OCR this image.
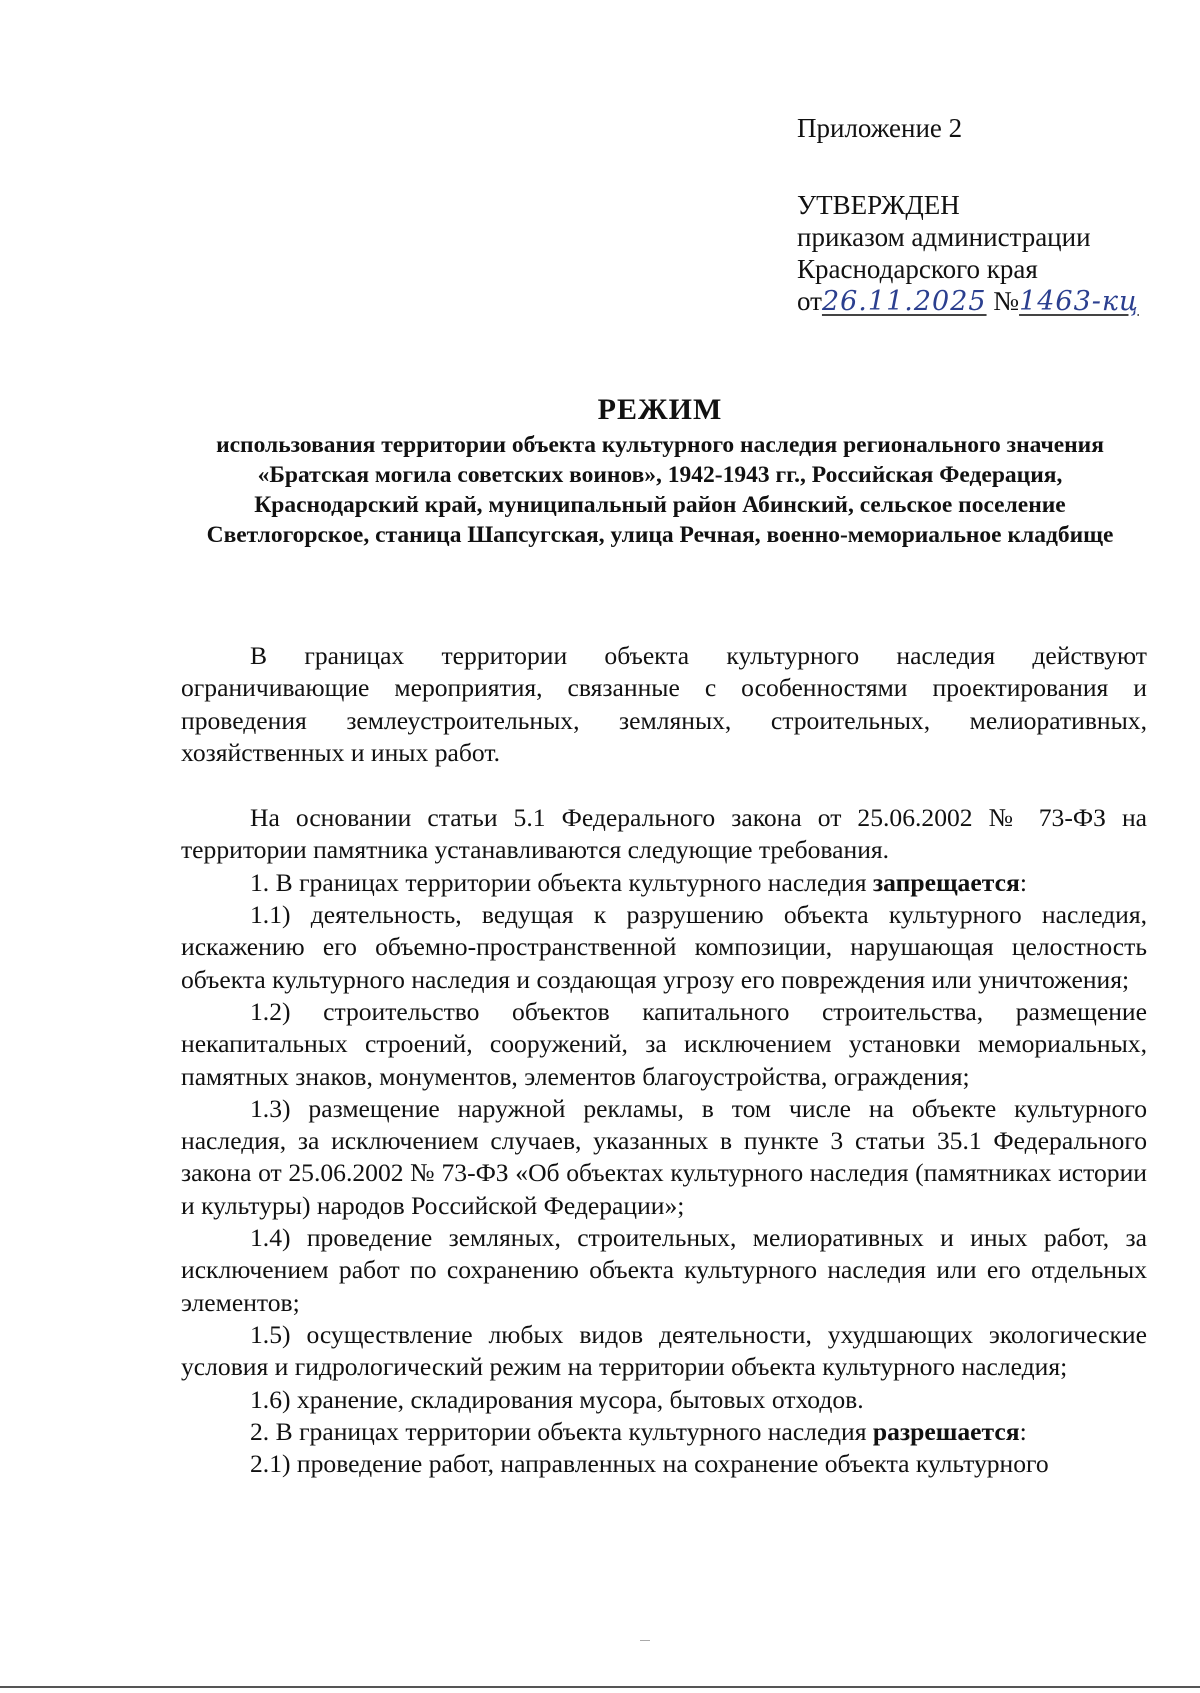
Приложение 2
УТВЕРЖДЕН
приказом администрации
Краснодарского края
от26.11.2025 №1463-кц

РЕЖИМ

использования территории объекта культурного наследия регионального значения «Братская могила советских воинов», 1942-1943 гг., Российская Федерация, Краснодарский край, муниципальный район Абинский, сельское поселение Светлогорское, станица Шапсугская, улица Речная, военно-мемориальное кладбище

В границах территории объекта культурного наследия действуют ограничивающие мероприятия, связанные с особенностями проектирования и проведения землеустроительных, земляных, строительных, мелиоративных, хозяйственных и иных работ.

На основании статьи 5.1 Федерального закона от 25.06.2002 № 73-ФЗ на территории памятника устанавливаются следующие требования.

1. В границах территории объекта культурного наследия запрещается:

1.1) деятельность, ведущая к разрушению объекта культурного наследия, искажению его объемно-пространственной композиции, нарушающая целостность объекта культурного наследия и создающая угрозу его повреждения или уничтожения;

1.2) строительство объектов капитального строительства, размещение некапитальных строений, сооружений, за исключением установки мемориальных, памятных знаков, монументов, элементов благоустройства, ограждения;

1.3) размещение наружной рекламы, в том числе на объекте культурного наследия, за исключением случаев, указанных в пункте 3 статьи 35.1 Федерального закона от 25.06.2002 № 73-ФЗ «Об объектах культурного наследия (памятниках истории и культуры) народов Российской Федерации»;

1.4) проведение земляных, строительных, мелиоративных и иных работ, за исключением работ по сохранению объекта культурного наследия или его отдельных элементов;

1.5) осуществление любых видов деятельности, ухудшающих экологические условия и гидрологический режим на территории объекта культурного наследия;

1.6) хранение, складирования мусора, бытовых отходов.

2. В границах территории объекта культурного наследия разрешается:

2.1) проведение работ, направленных на сохранение объекта культурного
